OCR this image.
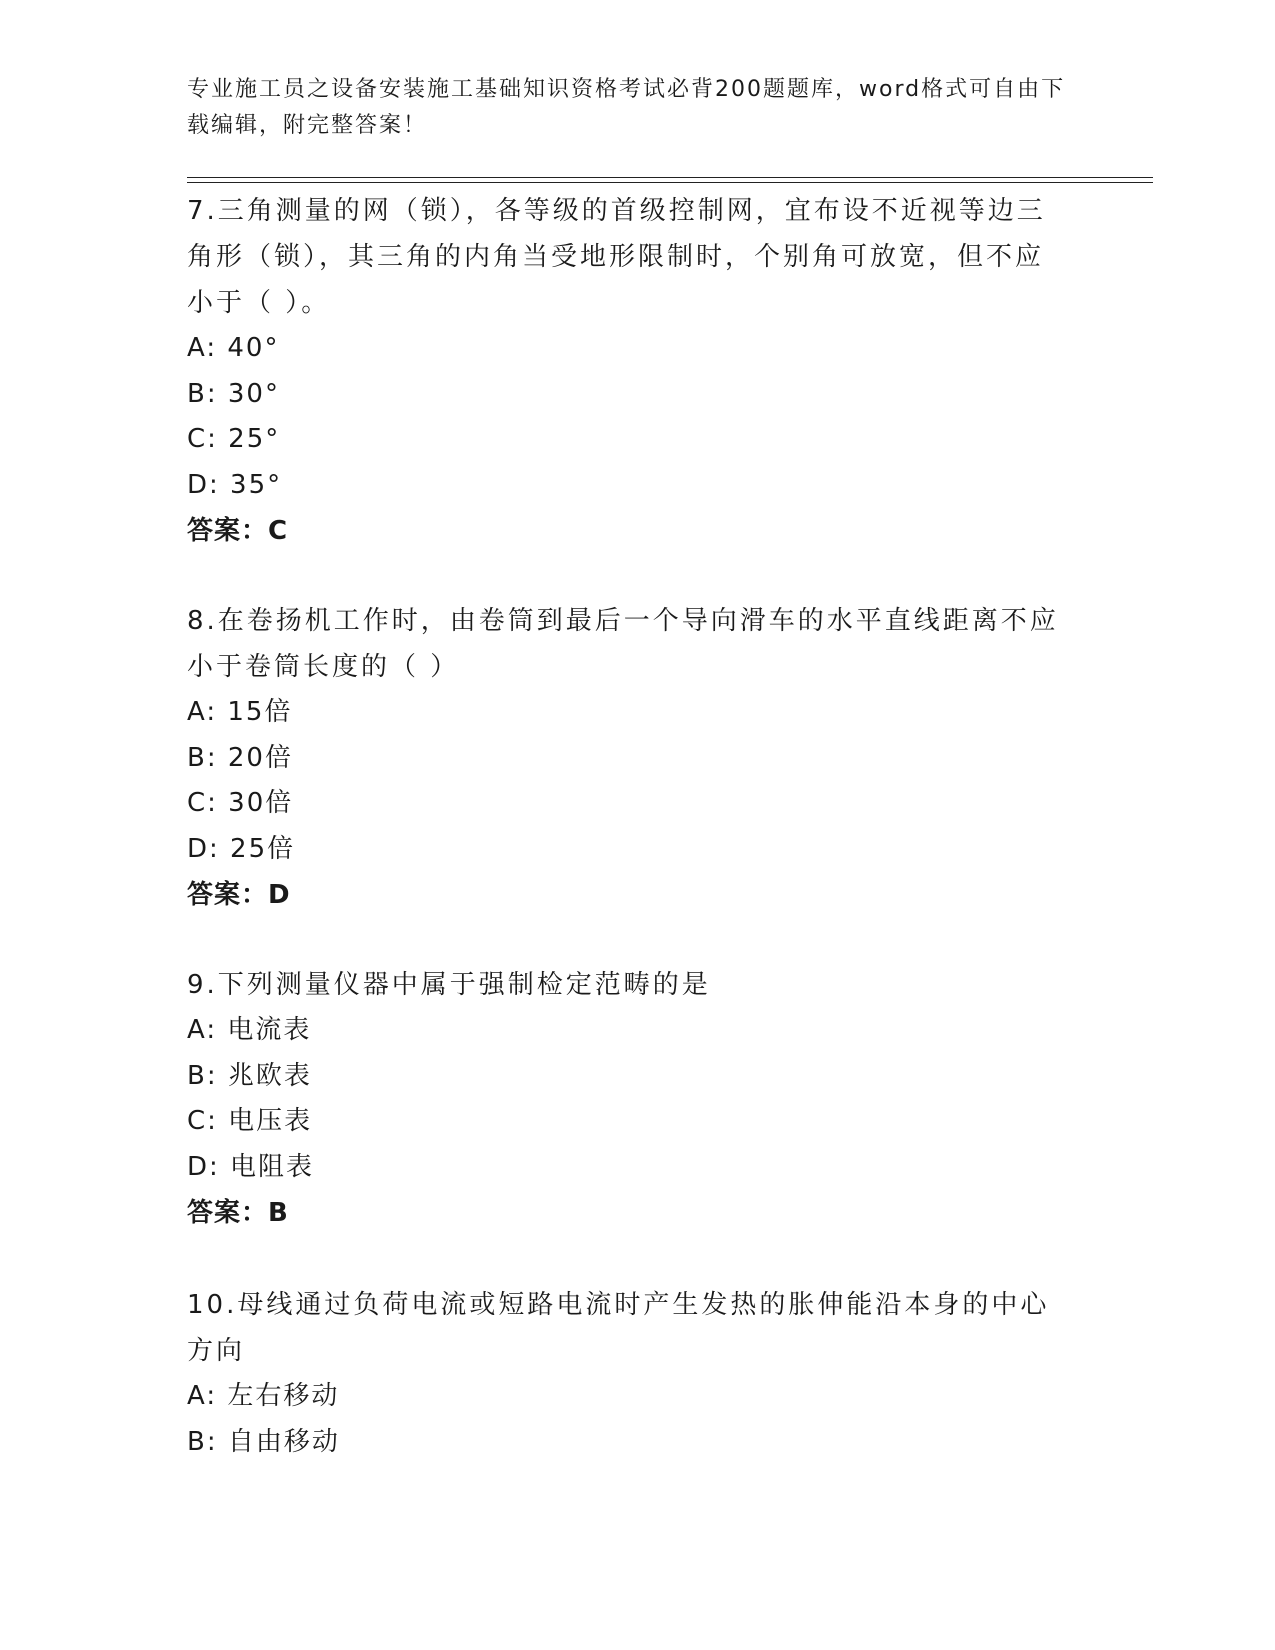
专业施工员之设备安装施工基础知识资格考试必背200题题库，word格式可自由下载编辑，附完整答案！

7.三角测量的网（锁），各等级的首级控制网，宜布设不近视等边三角形（锁），其三角的内角当受地形限制时，个别角可放宽，但不应小于（ ）。

A: 40°

B: 30°

C: 25°

D: 35°

答案：C

8.在卷扬机工作时，由卷筒到最后一个导向滑车的水平直线距离不应小于卷筒长度的（ ）

A: 15倍

B: 20倍

C: 30倍

D: 25倍

答案：D

9.下列测量仪器中属于强制检定范畴的是

A: 电流表

B: 兆欧表

C: 电压表

D: 电阻表

答案：B

10.母线通过负荷电流或短路电流时产生发热的胀伸能沿本身的中心方向

A: 左右移动

B: 自由移动
